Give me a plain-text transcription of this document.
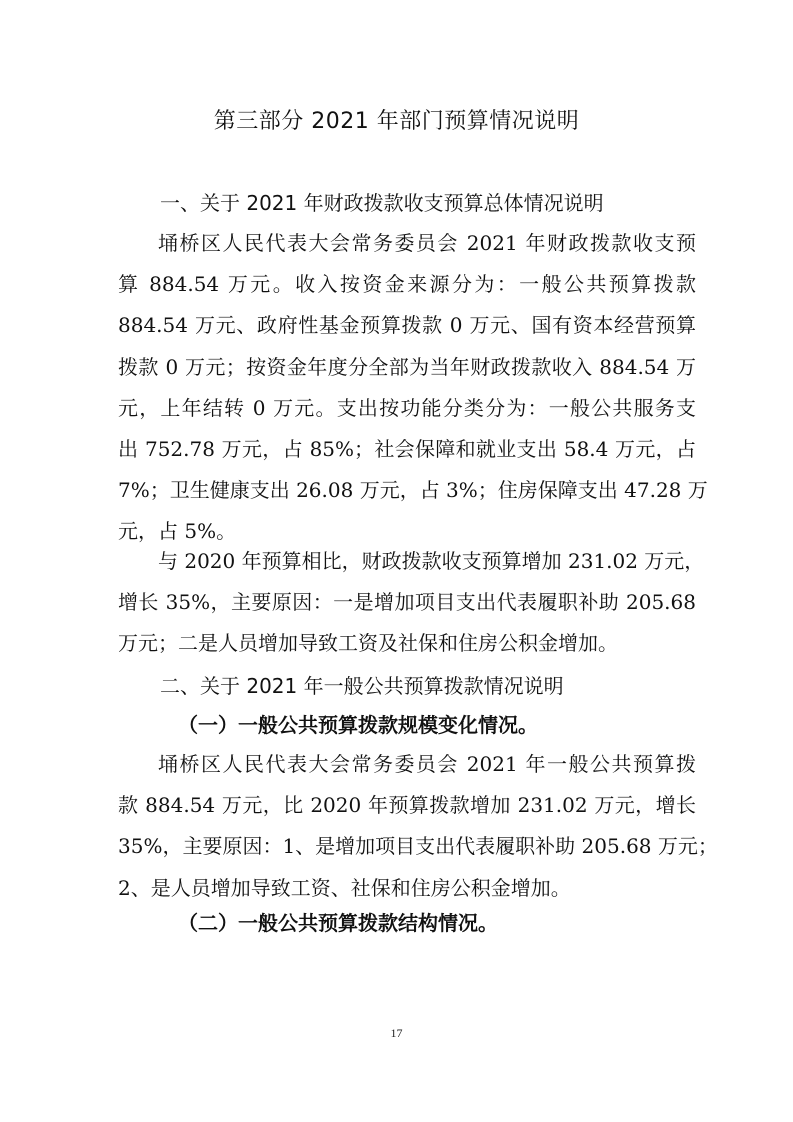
第三部分 2021 年部门预算情况说明
一、关于 2021 年财政拨款收支预算总体情况说明
埇桥区人民代表大会常务委员会 2021 年财政拨款收支预
算 884.54 万元。收入按资金来源分为：一般公共预算拨款
884.54 万元、政府性基金预算拨款 0 万元、国有资本经营预算
拨款 0 万元；按资金年度分全部为当年财政拨款收入 884.54 万
元，上年结转 0 万元。支出按功能分类分为：一般公共服务支
出 752.78 万元，占 85%；社会保障和就业支出 58.4 万元，占
7%；卫生健康支出 26.08 万元，占 3%；住房保障支出 47.28 万
元，占 5%。
与 2020 年预算相比，财政拨款收支预算增加 231.02 万元，
增长 35%，主要原因：一是增加项目支出代表履职补助 205.68
万元；二是人员增加导致工资及社保和住房公积金增加。
二、关于 2021 年一般公共预算拨款情况说明
（一）一般公共预算拨款规模变化情况。
埇桥区人民代表大会常务委员会 2021 年一般公共预算拨
款 884.54 万元，比 2020 年预算拨款增加 231.02 万元，增长
35%，主要原因：1、是增加项目支出代表履职补助 205.68 万元；
2、是人员增加导致工资、社保和住房公积金增加。
（二）一般公共预算拨款结构情况。
17
